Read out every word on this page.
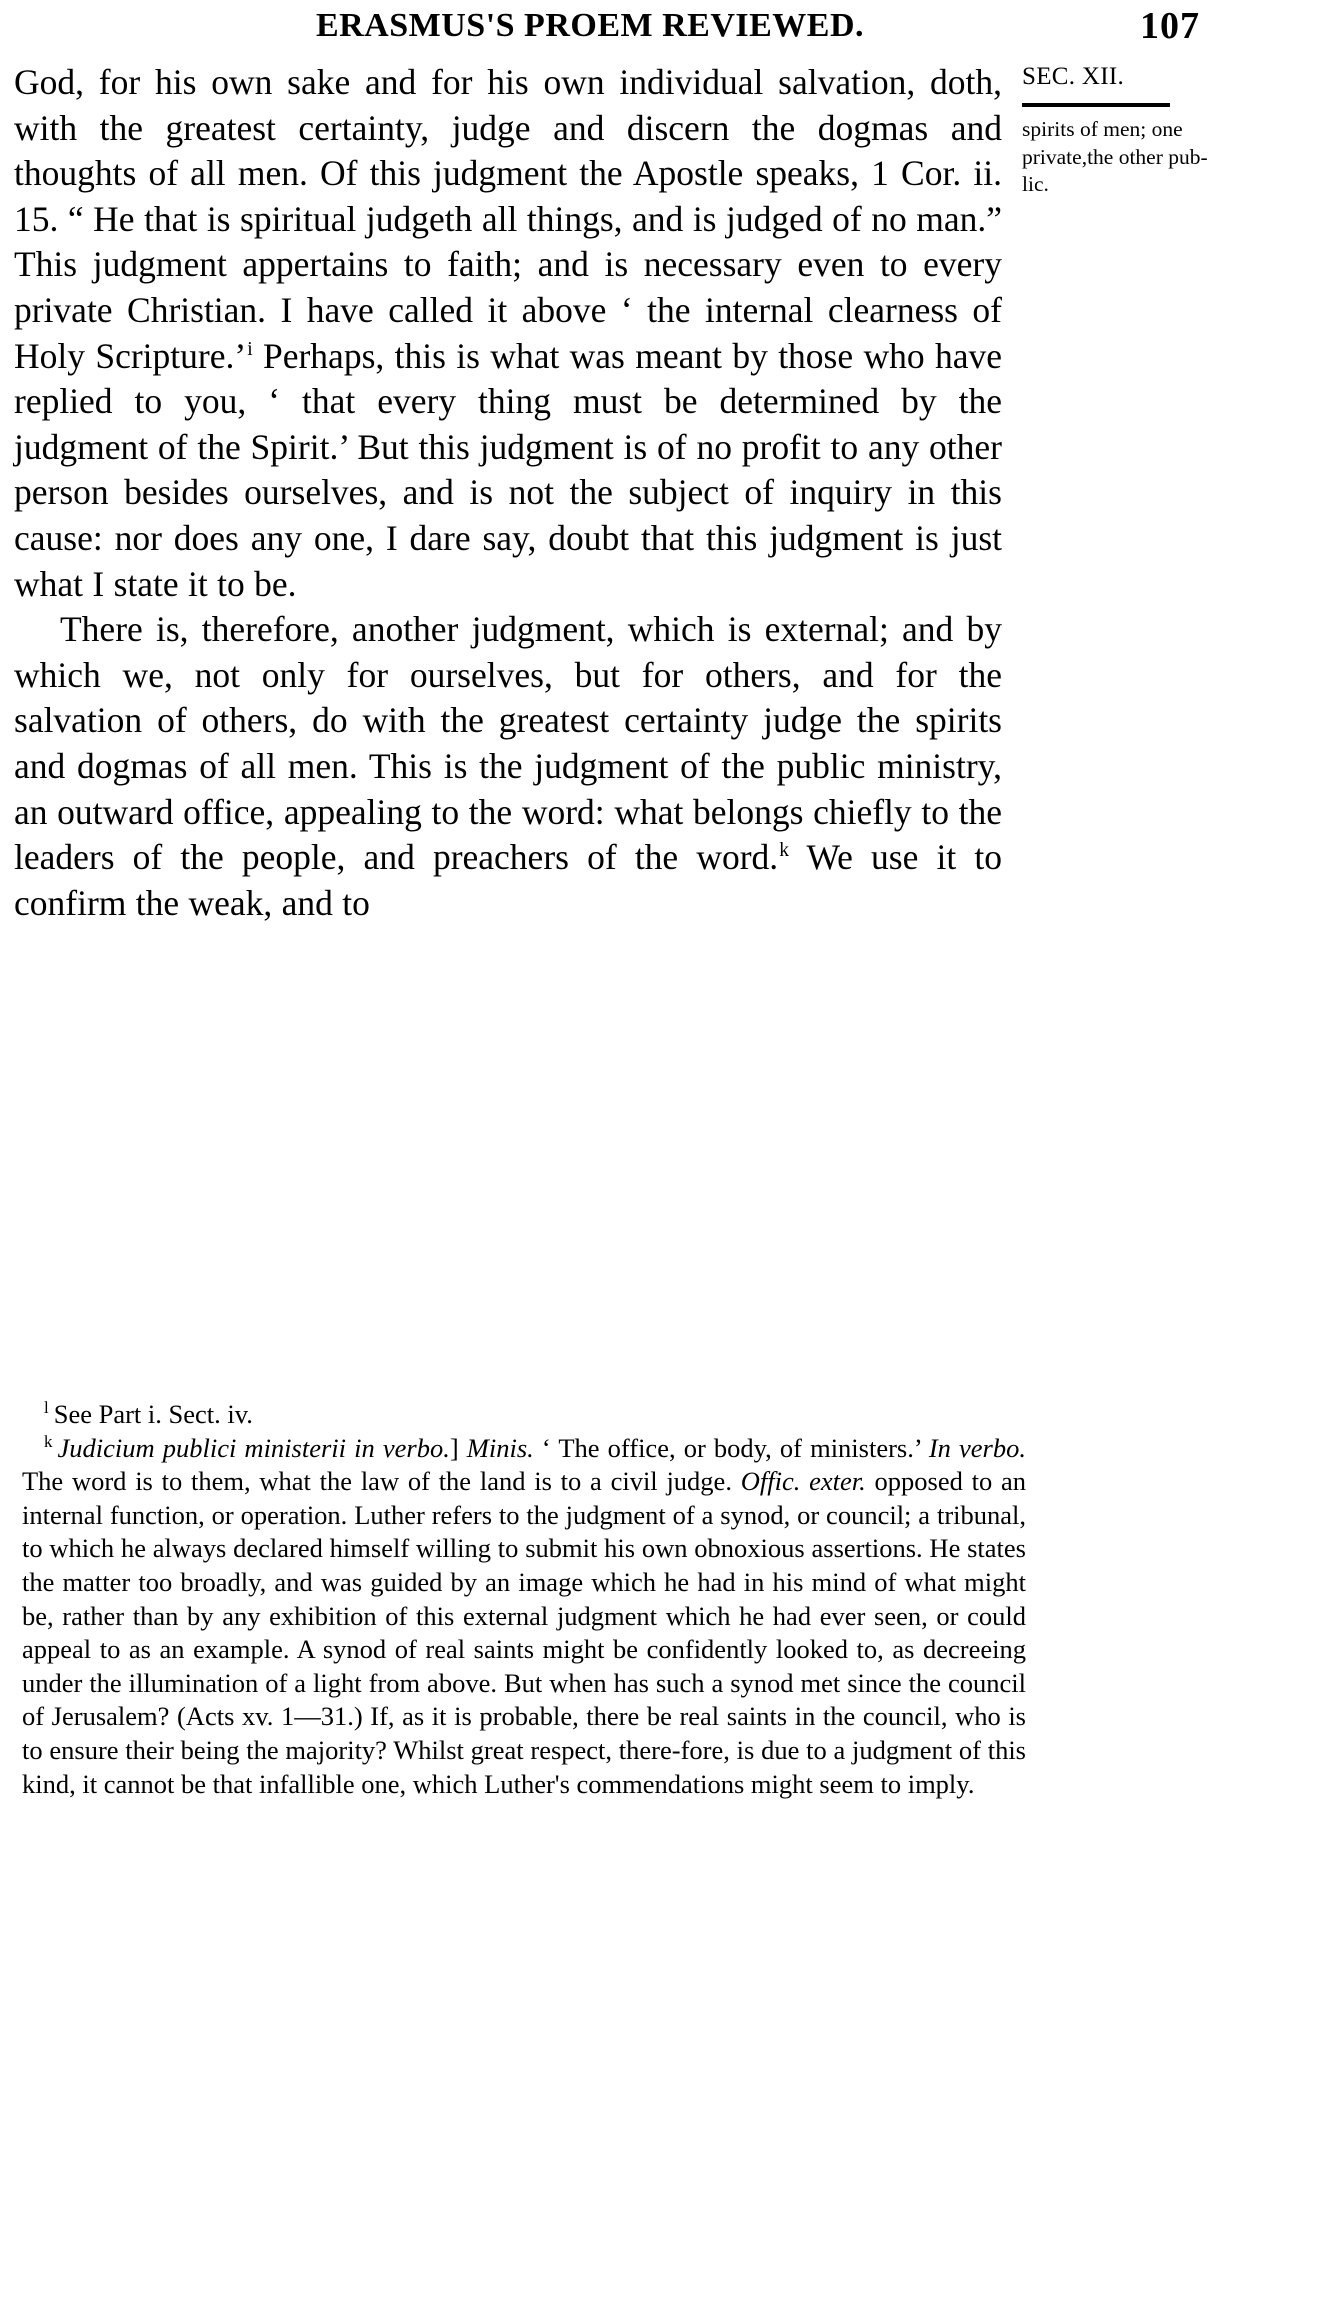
ERASMUS'S PROEM REVIEWED.	107

God, for his own sake and for his own individual salvation, doth, with the greatest certainty, judge and discern the dogmas and thoughts of all men. Of this judgment the Apostle speaks, 1 Cor. ii. 15. “ He that is spiritual judgeth all things, and is judged of no man.” This judgment appertains to faith; and is necessary even to every private Christian. I have called it above ‘ the internal clearness of Holy Scripture.’$^i$ Perhaps, this is what was meant by those who have replied to you, ‘ that every thing must be determined by the judgment of the Spirit.’ But this judgment is of no profit to any other person besides ourselves, and is not the subject of inquiry in this cause: nor does any one, I dare say, doubt that this judgment is just what I state it to be.

There is, therefore, another judgment, which is external; and by which we, not only for ourselves, but for others, and for the salvation of others, do with the greatest certainty judge the spirits and dogmas of all men. This is the judgment of the public ministry, an outward office, appealing to the word: what belongs chiefly to the leaders of the people, and preachers of the word.$^k$ We use it to confirm the weak, and to

SEC. XII.
spirits of men; one private,the other pub-lic.

$^l$ See Part i. Sect. iv.

$^k$ Judicium publici ministerii in verbo.] Minis. ‘ The office, or body, of ministers.’ In verbo. The word is to them, what the law of the land is to a civil judge. Offic. exter. opposed to an internal function, or operation. Luther refers to the judgment of a synod, or council; a tribunal, to which he always declared himself willing to submit his own obnoxious assertions. He states the matter too broadly, and was guided by an image which he had in his mind of what might be, rather than by any exhibition of this external judgment which he had ever seen, or could appeal to as an example. A synod of real saints might be confidently looked to, as decreeing under the illumination of a light from above. But when has such a synod met since the council of Jerusalem? (Acts xv. 1—31.) If, as it is probable, there be real saints in the council, who is to ensure their being the majority? Whilst great respect, there-fore, is due to a judgment of this kind, it cannot be that infallible one, which Luther's commendations might seem to imply.
